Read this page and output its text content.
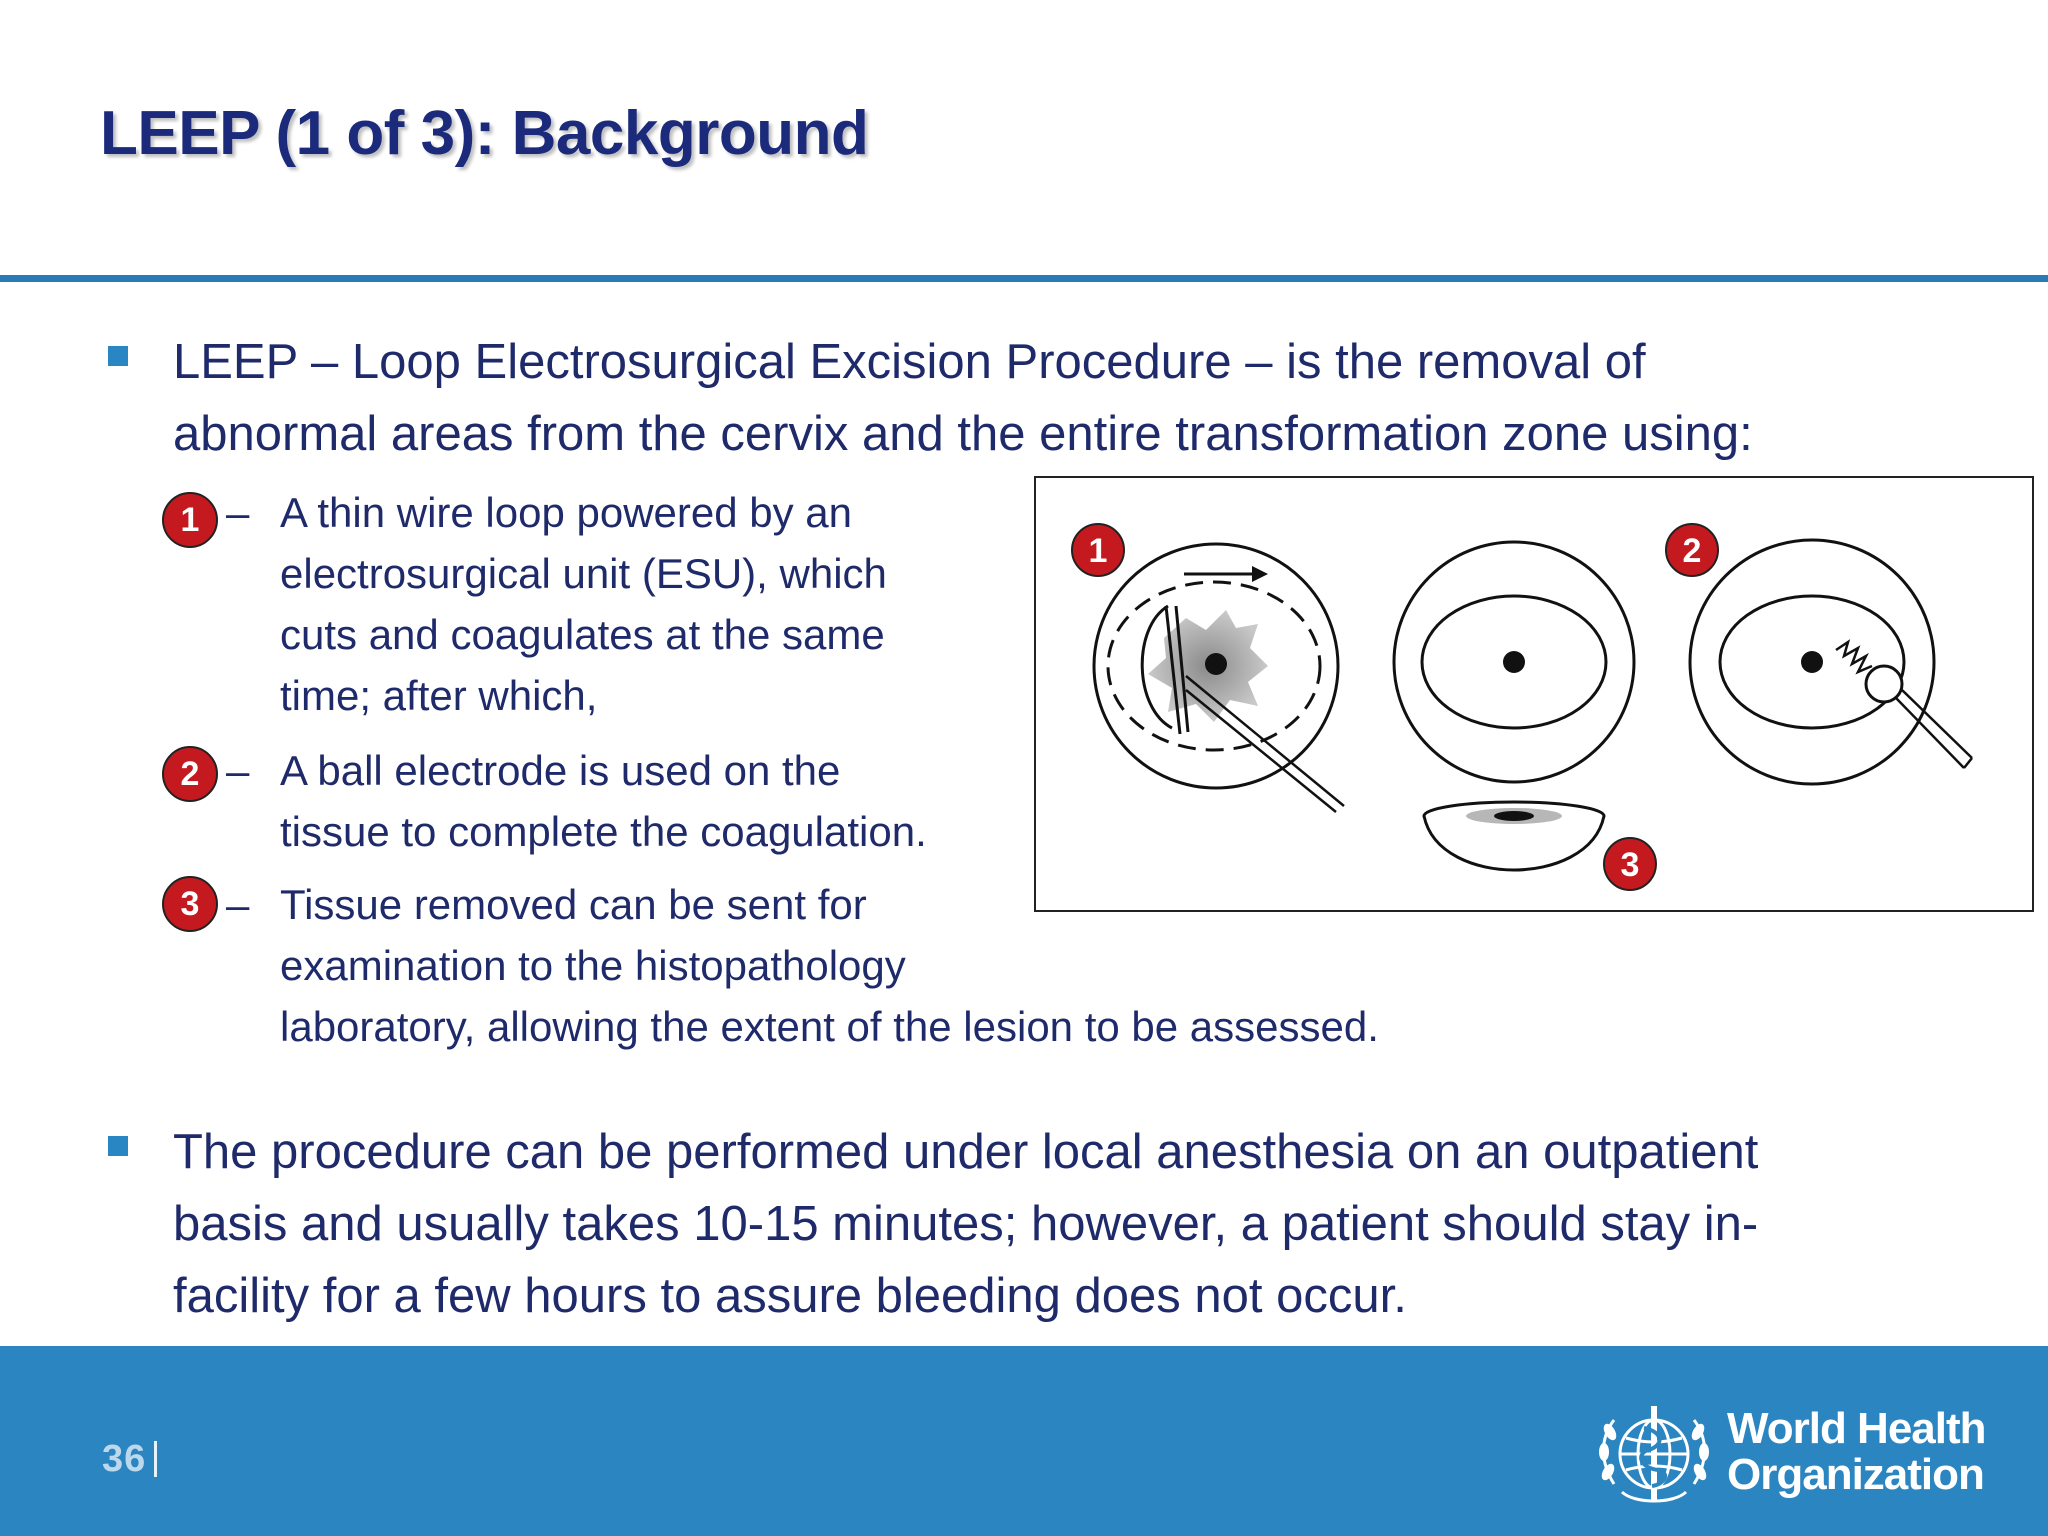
LEEP (1 of 3): Background
LEEP – Loop Electrosurgical Excision Procedure – is the removal of
abnormal areas from the cervix and the entire transformation zone using:
1 – A thin wire loop powered by an
electrosurgical unit (ESU), which
cuts and coagulates at the same
time; after which,
2 – A ball electrode is used on the
tissue to complete the coagulation.
3 – Tissue removed can be sent for
examination to the histopathology
laboratory, allowing the extent of the lesion to be assessed.
1	2
3
The procedure can be performed under local anesthesia on an outpatient
basis and usually takes 10-15 minutes; however, a patient should stay in-
facility for a few hours to assure bleeding does not occur.
36
World Health
Organization
